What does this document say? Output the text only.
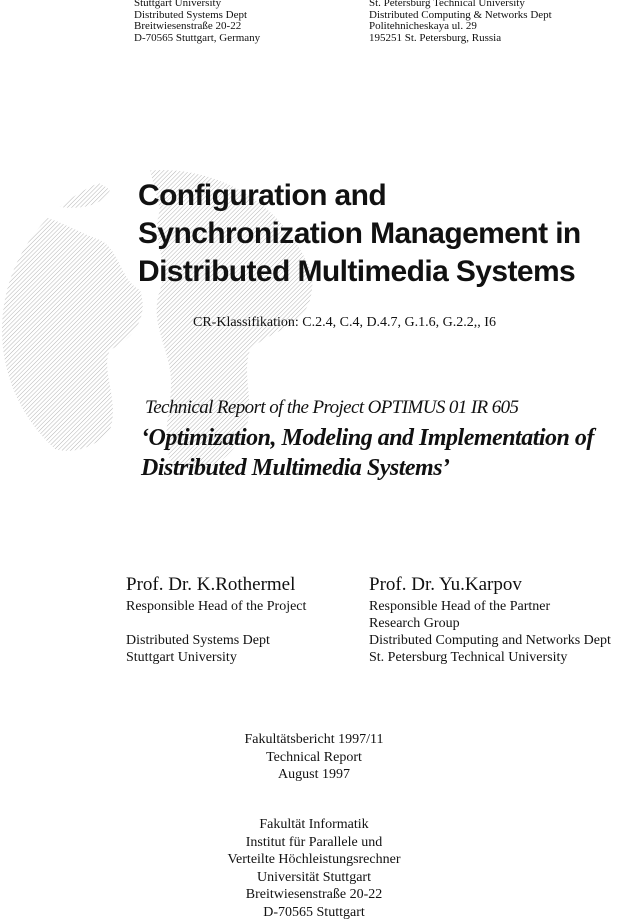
Stuttgart University
Distributed Systems Dept
Breitwiesenstraße 20-22
D-70565 Stuttgart, Germany
St. Petersburg Technical University
Distributed Computing & Networks Dept
Politehnicheskaya ul. 29
195251 St. Petersburg, Russia
Configuration and
Synchronization Management in
Distributed Multimedia Systems
CR-Klassifikation: C.2.4, C.4, D.4.7, G.1.6, G.2.2,, I6
Technical Report of the Project OPTIMUS 01 IR 605
‘Optimization, Modeling and Implementation of
Distributed Multimedia Systems’
Prof. Dr. K.Rothermel
Responsible Head of the Project
Distributed Systems Dept
Stuttgart University
Prof. Dr. Yu.Karpov
Responsible Head of the Partner
Research Group
Distributed Computing and Networks Dept
St. Petersburg Technical University
Fakultätsbericht 1997/11
Technical Report
August 1997
Fakultät Informatik
Institut für Parallele und
Verteilte Höchleistungsrechner
Universität Stuttgart
Breitwiesenstraße 20-22
D-70565 Stuttgart
